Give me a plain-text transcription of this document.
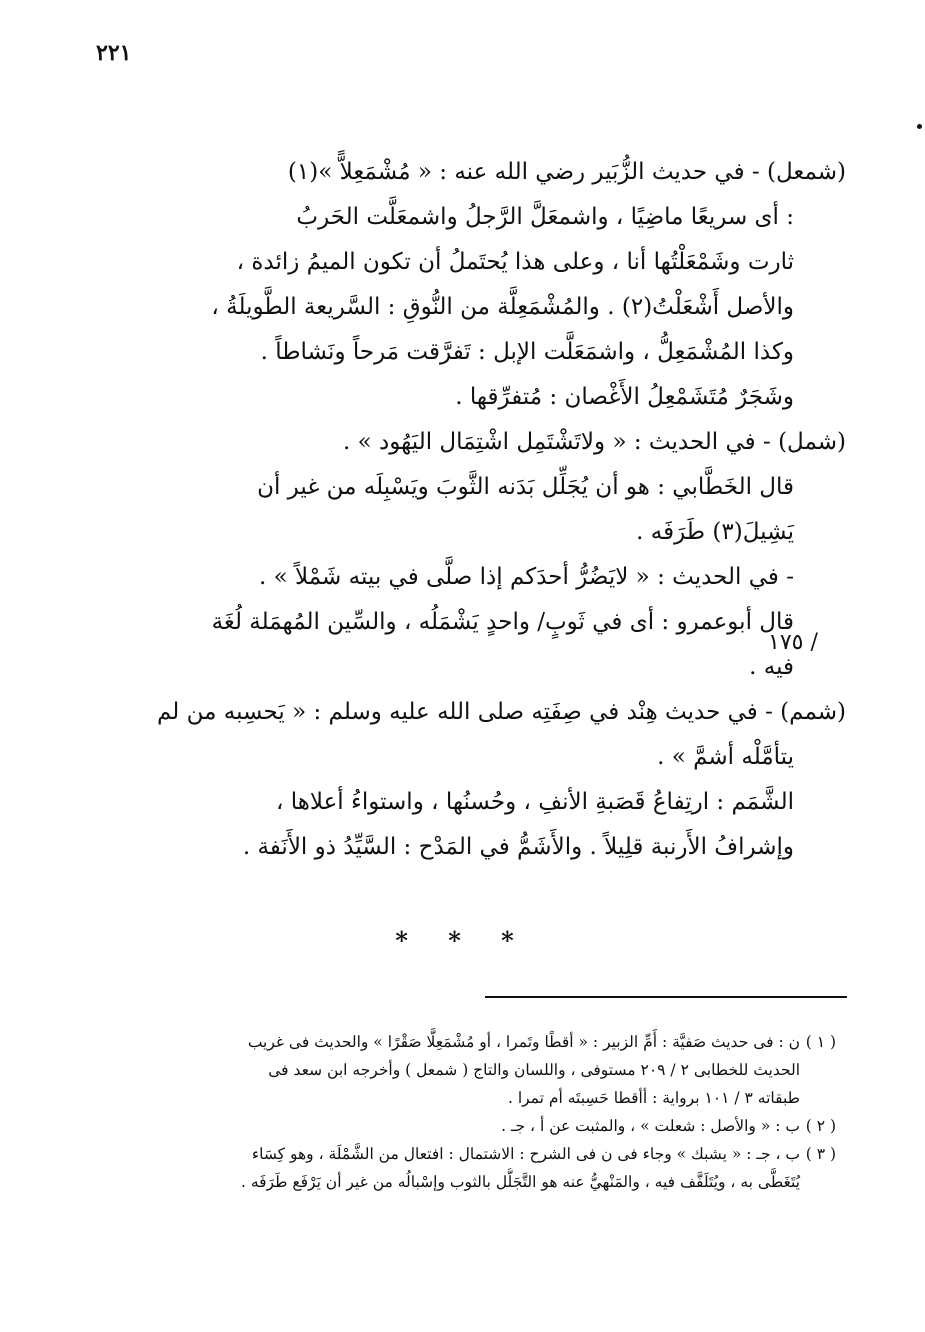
٢٢١
(شمعل) - في حديث الزُّبَير رضي الله عنه : « مُشْمَعِلاًّ »(١)
: أى سريعًا ماضِيًا ، واشمعَلَّ الرَّجلُ واشمعَلَّت الحَربُ
ثارت وشَمْعَلْتُها أنا ، وعلى هذا يُحتَملُ أن تكون الميمُ زائدة ،
والأصل أَشْعَلْتُ(٢) . والمُشْمَعِلَّة من النُّوقِ : السَّريعة الطَّويلَةُ ،
وكذا المُشْمَعِلُّ ، واشمَعَلَّت الإبل : تَفرَّقت مَرحاً ونَشاطاً .
وشَجَرٌ مُتَشَمْعِلُ الأَغْصان : مُتفرِّقها .
(شمل) - في الحديث : « ولاتَشْتَمِل اشْتِمَال اليَهُود » .
قال الخَطَّابي : هو أن يُجَلِّل بَدَنه الثَّوبَ ويَسْبِلَه من غير أن
يَشِيلَ(٣) طَرَفَه .
- في الحديث : « لايَضُرُّ أحدَكم إذا صلَّى في بيته شَمْلاً » .
قال أبوعمرو : أى في ثَوبٍ/ واحدٍ يَشْمَلُه ، والسِّين المُهمَلة لُغَة
فيه .
(شمم) - في حديث هِنْد في صِفَتِه صلى الله عليه وسلم : « يَحسِبه من لم
يتأمَّلْه أشمَّ » .
الشَّمَم : ارتِفاعُ قَصَبةِ الأنفِ ، وحُسنُها ، واستواءُ أعلاها ،
وإشرافُ الأَرنبة قلِيلاً . والأَشَمُّ في المَدْح : السَّيِّدُ ذو الأَنَفة .
١٧٥ /
* * *
( ١ )ن : فى حديث صَفيَّة : أَمِّ الزبير : « أقطًا وتَمرا ، أو مُشْمَعِلًّا صَقْرًا » والحديث فى غريب
الحديث للخطابى ٢ / ٢٠٩ مستوفى ، واللسان والتاج ( شمعل ) وأخرجه ابن سعد فى
طبقاته ٣ / ١٠١ برواية : أأقطا حَسِبتَه أم تمرا .
( ٢ )ب : « والأصل : شعلت » ، والمثبت عن أ ، جـ .
( ٣ )ب ، جـ : « يشبك » وجاء فى ن فى الشرح : الاشتمال : افتعال من الشَّمْلَة ، وهو كِسَاء
يُتَغَطَّى به ، ويُتَلَفَّف فيه ، والمَنْهيُّ عنه هو التَّجَلُّل بالثوب وإسْبالُه من غير أن يَرْفَع طَرَفَه .
